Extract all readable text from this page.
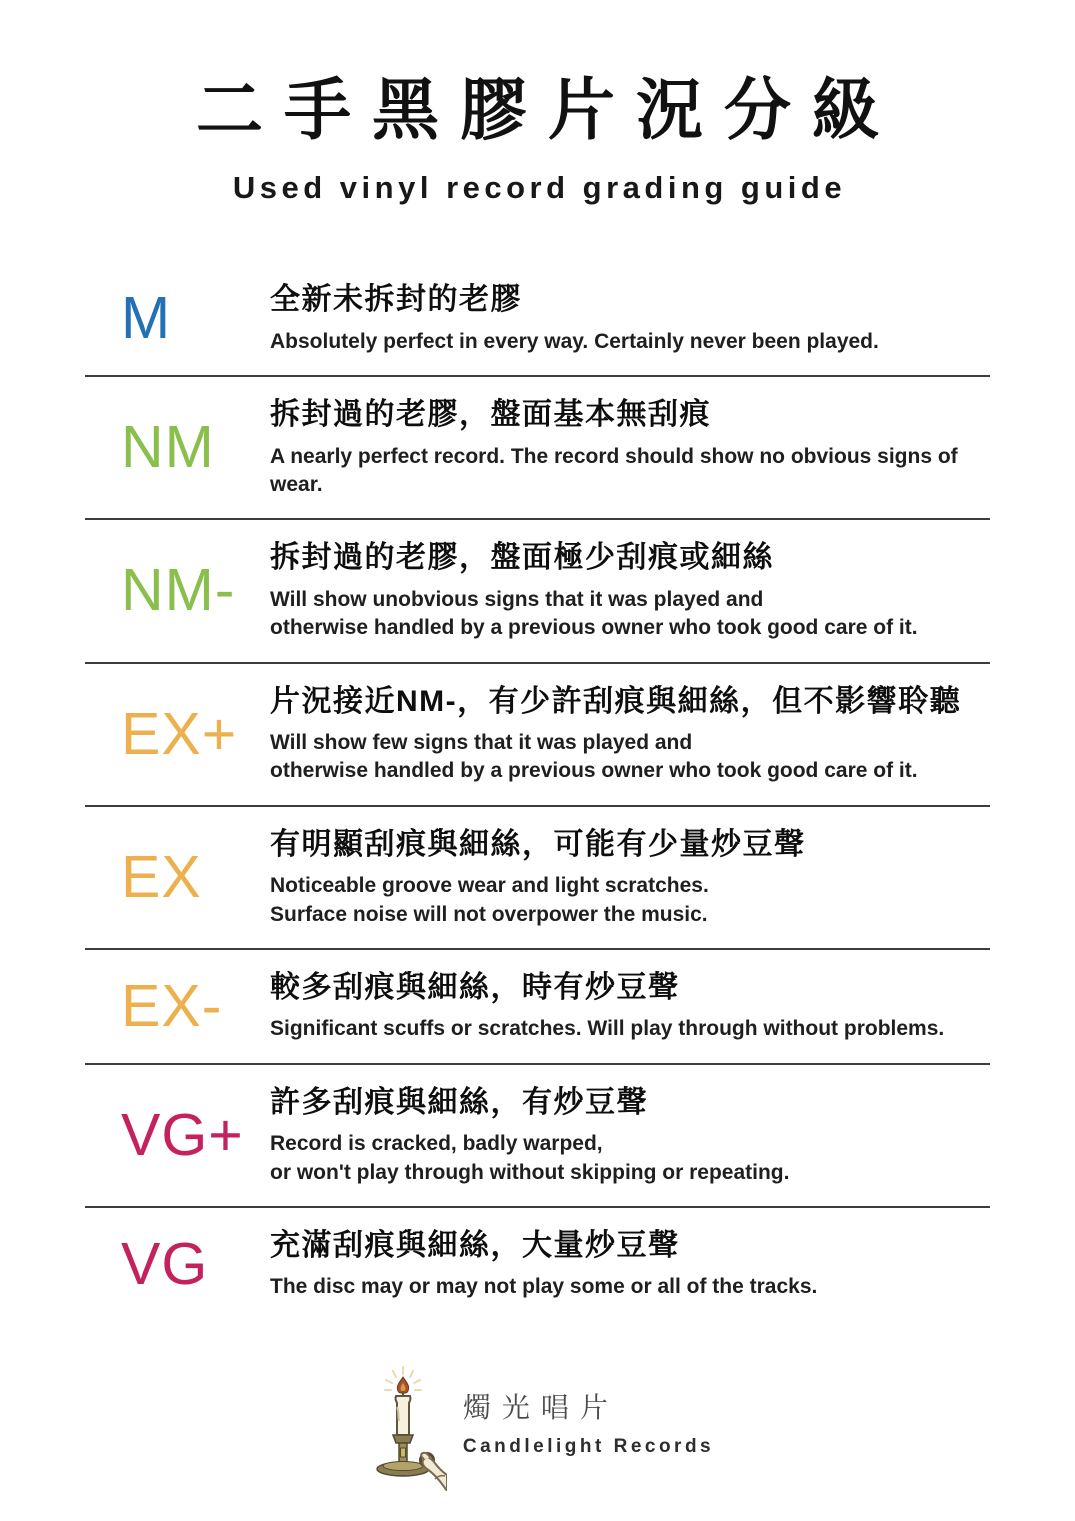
二手黑膠片況分級
Used vinyl record grading guide
M	全新未拆封的老膠
Absolutely perfect in every way. Certainly never been played.
NM	拆封過的老膠，盤面基本無刮痕
A nearly perfect record. The record should show no obvious signs of wear.
NM-	拆封過的老膠，盤面極少刮痕或細絲
Will show unobvious signs that it was played and
otherwise handled by a previous owner who took good care of it.
EX+	片況接近NM-，有少許刮痕與細絲，但不影響聆聽
Will show few signs that it was played and
otherwise handled by a previous owner who took good care of it.
EX	有明顯刮痕與細絲，可能有少量炒豆聲
Noticeable groove wear and light scratches.
Surface noise will not overpower the music.
EX-	較多刮痕與細絲，時有炒豆聲
Significant scuffs or scratches. Will play through without problems.
VG+ 許多刮痕與細絲，有炒豆聲
Record is cracked, badly warped,
or won't play through without skipping or repeating.
VG	充滿刮痕與細絲，大量炒豆聲
The disc may or may not play some or all of the tracks.
燭光唱片
Candlelight Records
